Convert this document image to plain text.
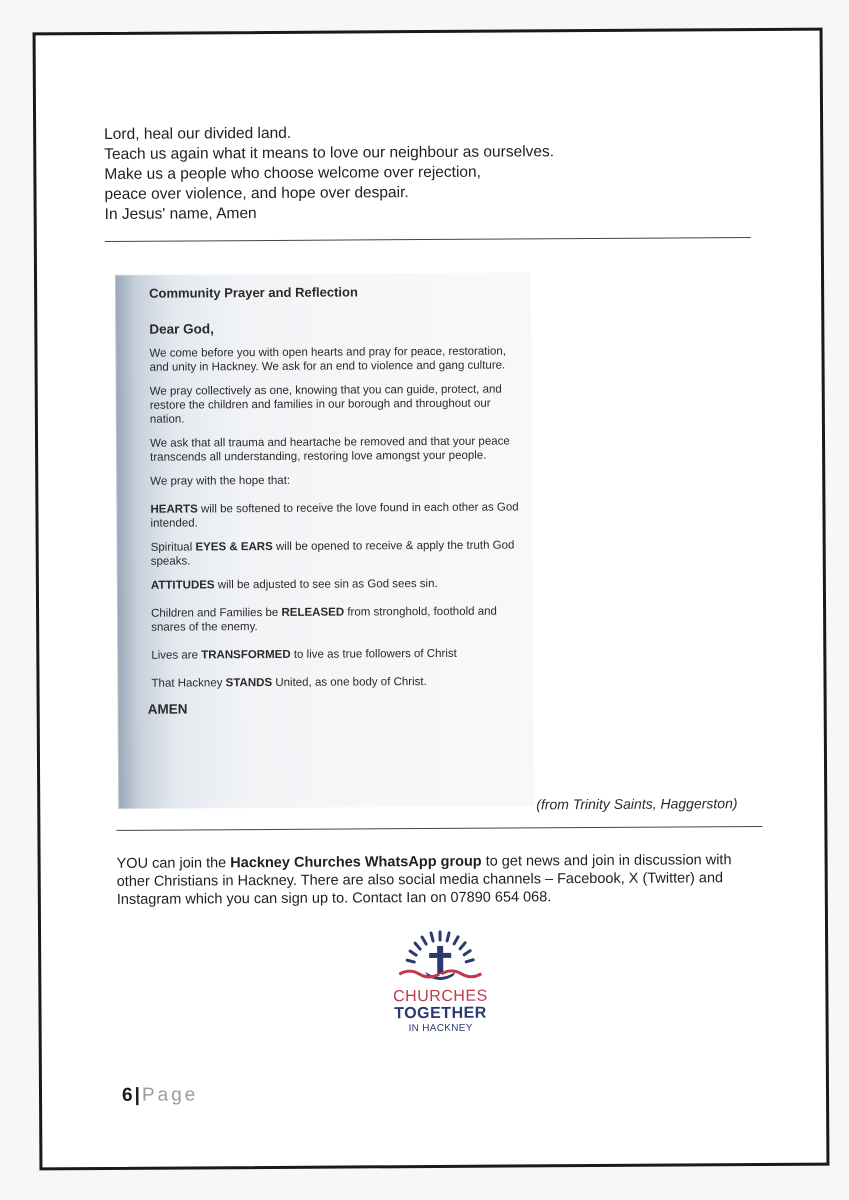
Lord, heal our divided land.
Teach us again what it means to love our neighbour as ourselves.
Make us a people who choose welcome over rejection,
peace over violence, and hope over despair.
In Jesus' name, Amen
Community Prayer and Reflection
Dear God,
We come before you with open hearts and pray for peace, restoration, and unity in Hackney. We ask for an end to violence and gang culture.
We pray collectively as one, knowing that you can guide, protect, and restore the children and families in our borough and throughout our nation.
We ask that all trauma and heartache be removed and that your peace transcends all understanding, restoring love amongst your people.
We pray with the hope that:
HEARTS will be softened to receive the love found in each other as God intended.
Spiritual EYES & EARS will be opened to receive & apply the truth God speaks.
ATTITUDES will be adjusted to see sin as God sees sin.
Children and Families be RELEASED from stronghold, foothold and snares of the enemy.
Lives are TRANSFORMED to live as true followers of Christ
That Hackney STANDS United, as one body of Christ.
AMEN
(from Trinity Saints, Haggerston)
YOU can join the Hackney Churches WhatsApp group to get news and join in discussion with other Christians in Hackney. There are also social media channels – Facebook, X (Twitter) and Instagram which you can sign up to. Contact Ian on 07890 654 068.
CHURCHES
TOGETHER
IN HACKNEY
6|Page
